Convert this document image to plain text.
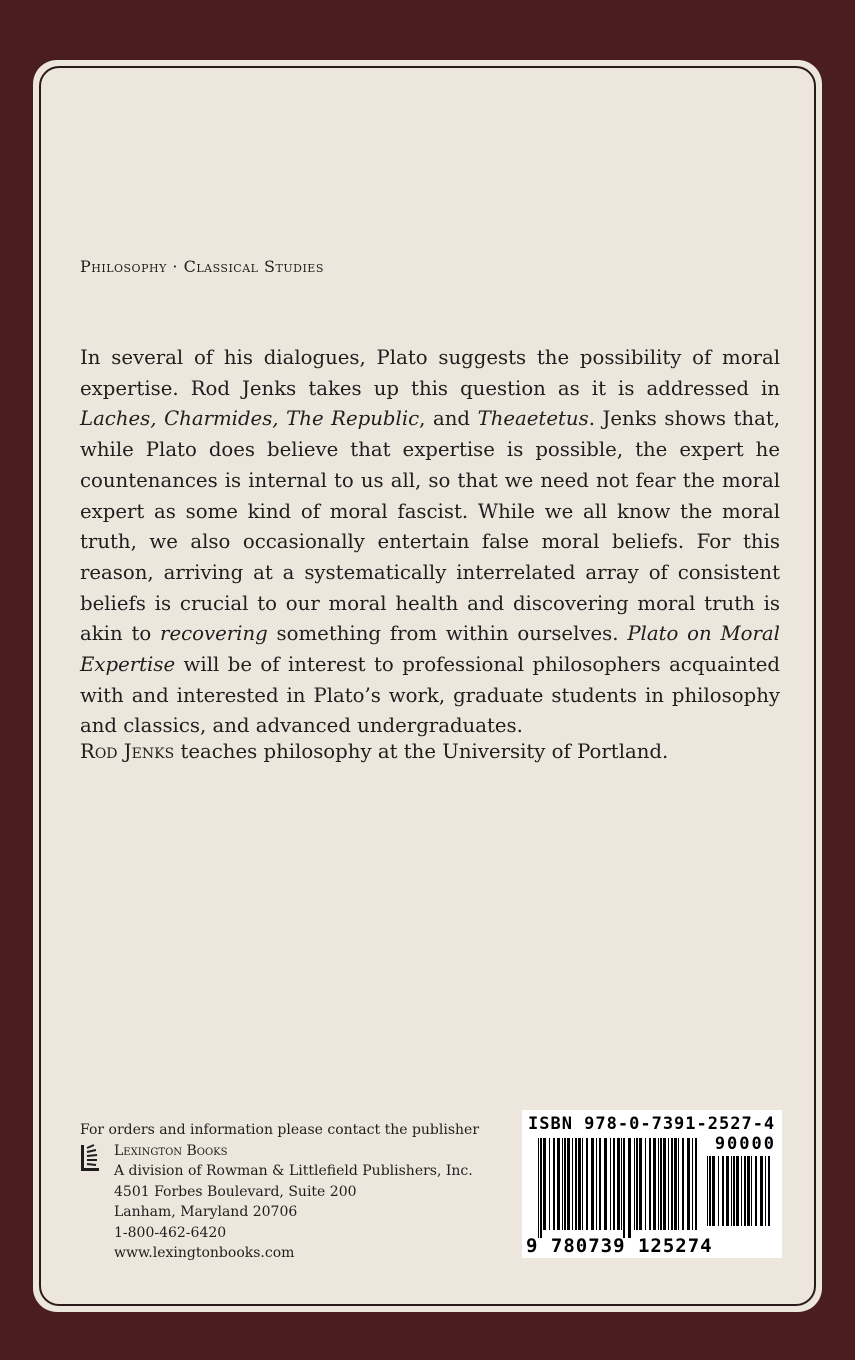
Philosophy · Classical Studies
In several of his dialogues, Plato suggests the possibility of moral expertise. Rod Jenks takes up this question as it is addressed in Laches, Charmides, The Republic, and Theaetetus. Jenks shows that, while Plato does believe that expertise is possible, the expert he countenances is internal to us all, so that we need not fear the moral expert as some kind of moral fascist. While we all know the moral truth, we also occasionally entertain false moral beliefs. For this reason, arriving at a systematically interrelated array of consistent beliefs is crucial to our moral health and discovering moral truth is akin to recovering something from within ourselves. Plato on Moral Expertise will be of interest to professional philosophers acquainted with and interested in Plato’s work, graduate students in philosophy and classics, and advanced undergraduates.
Rod Jenks teaches philosophy at the University of Portland.
For orders and information please contact the publisher
Lexington Books
A division of Rowman & Littlefield Publishers, Inc.
4501 Forbes Boulevard, Suite 200
Lanham, Maryland 20706
1-800-462-6420
www.lexingtonbooks.com
ISBN 978-0-7391-2527-4
90000
9 780739 125274
